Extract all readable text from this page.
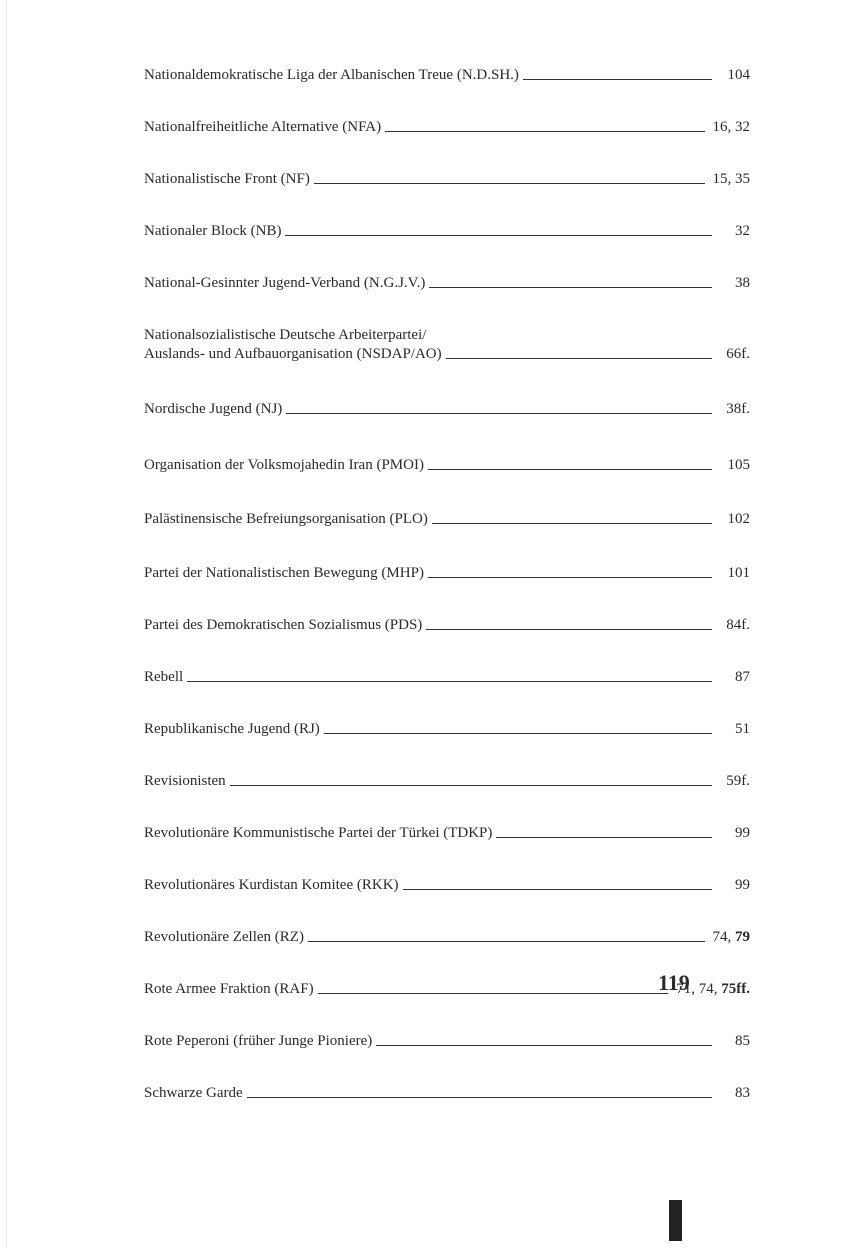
Nationaldemokratische Liga der Albanischen Treue (N.D.SH.)	104
Nationalfreiheitliche Alternative (NFA)	16, 32
Nationalistische Front (NF)	15, 35
Nationaler Block (NB)	32
National-Gesinnter Jugend-Verband (N.G.J.V.)	38
Nationalsozialistische Deutsche Arbeiterpartei/
Auslands- und Aufbauorganisation (NSDAP/AO)	66f.
Nordische Jugend (NJ)	38f.
Organisation der Volksmojahedin Iran (PMOI)	105
Palästinensische Befreiungsorganisation (PLO)	102
Partei der Nationalistischen Bewegung (MHP)	101
Partei des Demokratischen Sozialismus (PDS)	84f.
Rebell	87
Republikanische Jugend (RJ)	51
Revisionisten	59f.
Revolutionäre Kommunistische Partei der Türkei (TDKP)	99
Revolutionäres Kurdistan Komitee (RKK)	99
Revolutionäre Zellen (RZ)	74, 79
Rote Armee Fraktion (RAF)	71, 74, 75ff.
Rote Peperoni (früher Junge Pioniere)	85
Schwarze Garde	83
119
